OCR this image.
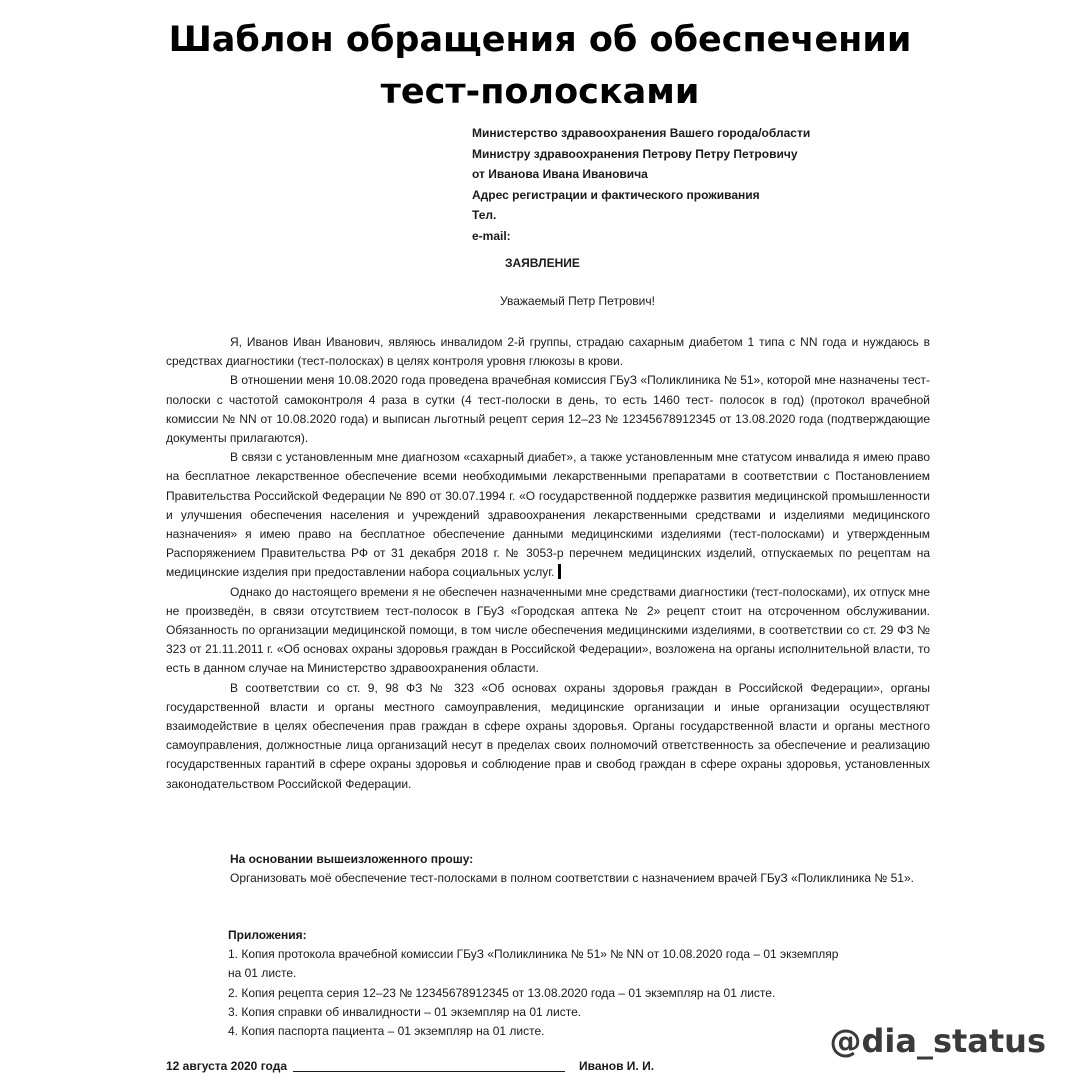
Шаблон обращения об обеспечении
тест-полосками
Министерство здравоохранения Вашего города/области
Министру здравоохранения Петрову Петру Петровичу
от Иванова Ивана Ивановича
Адрес регистрации и фактического проживания
Тел.
e-mail:
ЗАЯВЛЕНИЕ
Уважаемый Петр Петрович!

Я, Иванов Иван Иванович, являюсь инвалидом 2-й группы, страдаю сахарным диабетом 1 типа с NN года и нуждаюсь в средствах диагностики (тест-полосках) в целях контроля уровня глюкозы в крови.

В отношении меня 10.08.2020 года проведена врачебная комиссия ГБуЗ «Поликлиника № 51», которой мне назначены тест-полоски с частотой самоконтроля 4 раза в сутки (4 тест-полоски в день, то есть 1460 тест- полосок в год) (протокол врачебной комиссии № NN от 10.08.2020 года) и выписан льготный рецепт серия 12–23 № 12345678912345 от 13.08.2020 года (подтверждающие документы прилагаются).

В связи с установленным мне диагнозом «сахарный диабет», а также установленным мне статусом инвалида я имею право на бесплатное лекарственное обеспечение всеми необходимыми лекарственными препаратами в соответствии с Постановлением Правительства Российской Федерации № 890 от 30.07.1994 г. «О государственной поддержке развития медицинской промышленности и улучшения обеспечения населения и учреждений здравоохранения лекарственными средствами и изделиями медицинского назначения» я имею право на бесплатное обеспечение данными медицинскими изделиями (тест-полосками) и утвержденным Распоряжением Правительства РФ от 31 декабря 2018 г. № 3053-р перечнем медицинских изделий, отпускаемых по рецептам на медицинские изделия при предоставлении набора социальных услуг.

Однако до настоящего времени я не обеспечен назначенными мне средствами диагностики (тест-полосками), их отпуск мне не произведён, в связи отсутствием тест-полосок в ГБуЗ «Городская аптека № 2» рецепт стоит на отсроченном обслуживании. Обязанность по организации медицинской помощи, в том числе обеспечения медицинскими изделиями, в соответствии со ст. 29 ФЗ № 323 от 21.11.2011 г. «Об основах охраны здоровья граждан в Российской Федерации», возложена на органы исполнительной власти, то есть в данном случае на Министерство здравоохранения области.

В соответствии со ст. 9, 98 ФЗ № 323 «Об основах охраны здоровья граждан в Российской Федерации», органы государственной власти и органы местного самоуправления, медицинские организации и иные организации осуществляют взаимодействие в целях обеспечения прав граждан в сфере охраны здоровья. Органы государственной власти и органы местного самоуправления, должностные лица организаций несут в пределах своих полномочий ответственность за обеспечение и реализацию государственных гарантий в сфере охраны здоровья и соблюдение прав и свобод граждан в сфере охраны здоровья, установленных законодательством Российской Федерации.

На основании вышеизложенного прошу:

Организовать моё обеспечение тест-полосками в полном соответствии с назначением врачей ГБуЗ «Поликлиника № 51».

Приложения:
1. Копия протокола врачебной комиссии ГБуЗ «Поликлиника № 51» № NN от 10.08.2020 года – 01 экземпляр
на 01 листе.
2. Копия рецепта серия 12–23 № 12345678912345 от 13.08.2020 года – 01 экземпляр на 01 листе.
3. Копия справки об инвалидности – 01 экземпляр на 01 листе.
4. Копия паспорта пациента – 01 экземпляр на 01 листе.
12 августа 2020 года	Иванов И. И.
@dia_status
